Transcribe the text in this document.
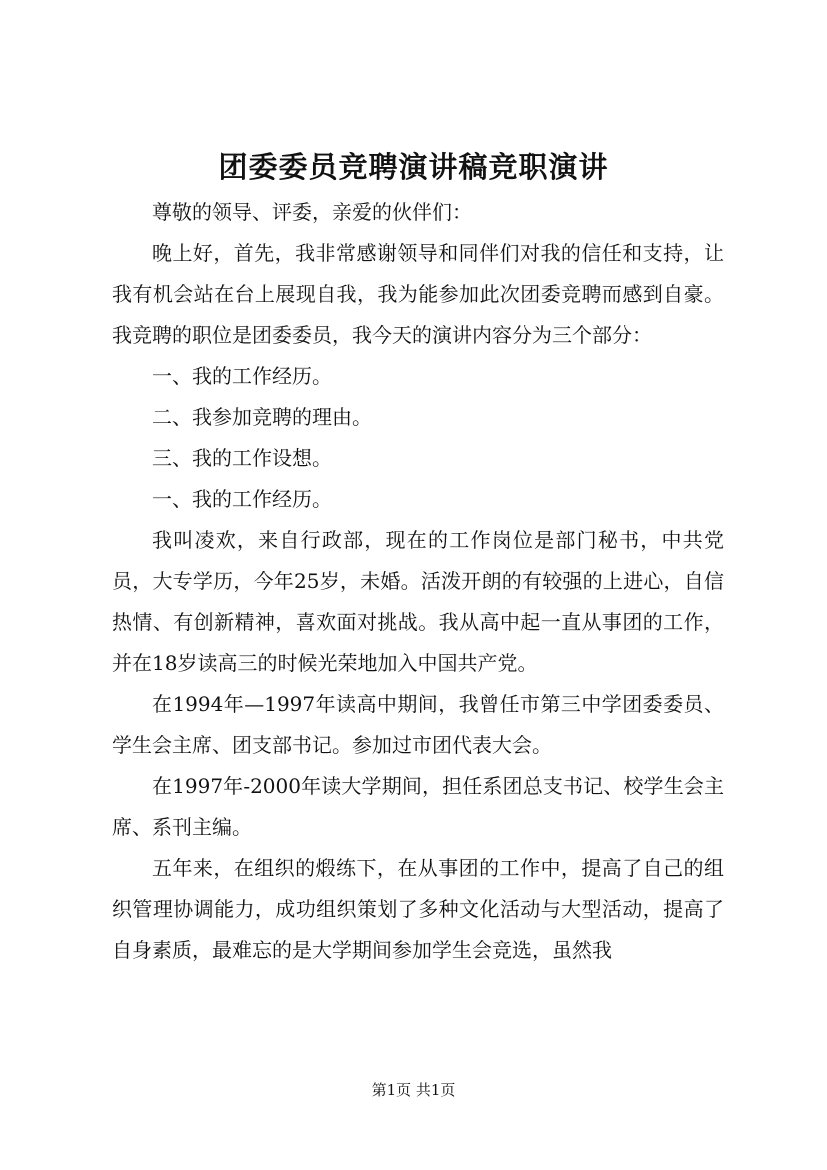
团委委员竞聘演讲稿竞职演讲

尊敬的领导、评委，亲爱的伙伴们：

晚上好，首先，我非常感谢领导和同伴们对我的信任和支持，让我有机会站在台上展现自我，我为能参加此次团委竞聘而感到自豪。我竞聘的职位是团委委员，我今天的演讲内容分为三个部分：

一、我的工作经历。

二、我参加竞聘的理由。

三、我的工作设想。

一、我的工作经历。

我叫凌欢，来自行政部，现在的工作岗位是部门秘书，中共党员，大专学历，今年25岁，未婚。活泼开朗的有较强的上进心，自信热情、有创新精神，喜欢面对挑战。我从高中起一直从事团的工作，并在18岁读高三的时候光荣地加入中国共产党。

在1994年—1997年读高中期间，我曾任市第三中学团委委员、学生会主席、团支部书记。参加过市团代表大会。

在1997年-2000年读大学期间，担任系团总支书记、校学生会主席、系刊主编。

五年来，在组织的煅练下，在从事团的工作中，提高了自己的组织管理协调能力，成功组织策划了多种文化活动与大型活动，提高了自身素质，最难忘的是大学期间参加学生会竞选，虽然我

第1页 共1页
